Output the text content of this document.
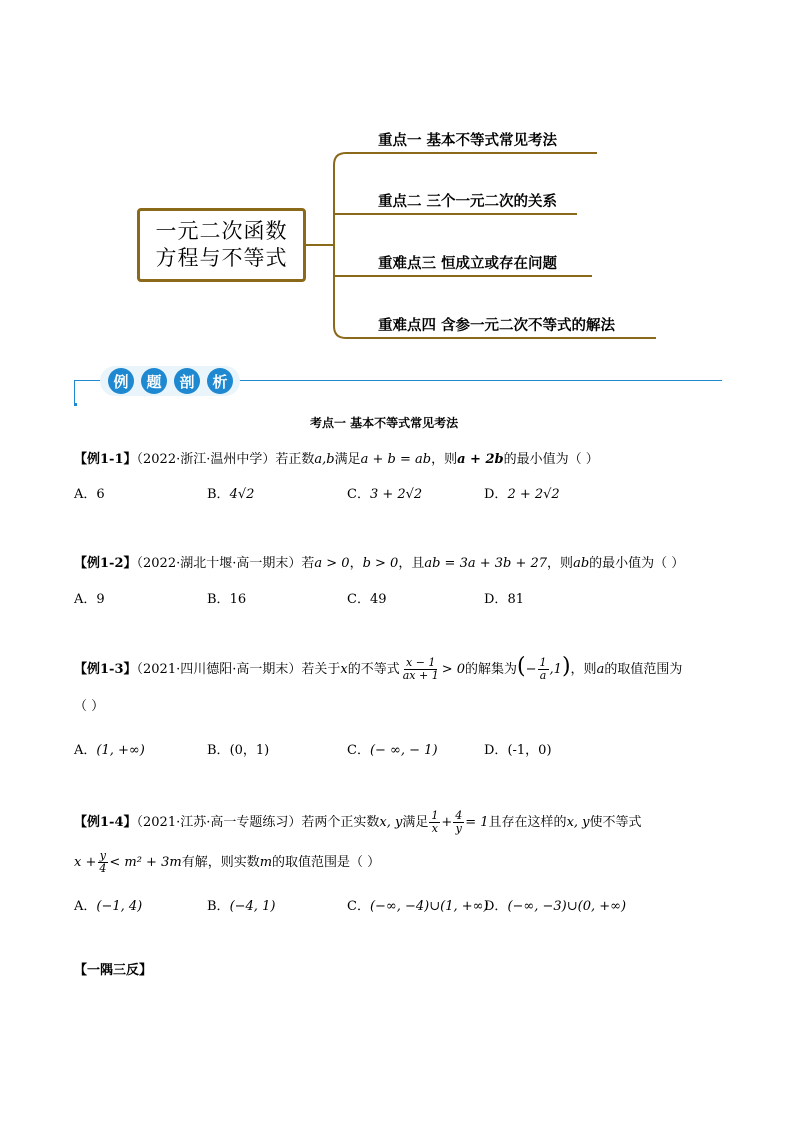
一元二次函数
方程与不等式
重点一 基本不等式常见考法
重点二 三个一元二次的关系
重难点三 恒成立或存在问题
重难点四 含参一元二次不等式的解法
例	题	剖	析
考点一 基本不等式常见考法
【例1-1】（2022·浙江·温州中学）若正数a,b满足a + b = ab，则a + 2b的最小值为（ ）
A．6	B．4√2	C．3 + 2√2	D．2 + 2√2
【例1-2】（2022·湖北十堰·高一期末）若a > 0，b > 0，且ab = 3a + 3b + 27，则ab的最小值为（ ）
A．9	B．16	C．49	D．81
【例1-3】（2021·四川德阳·高一期末）若关于x的不等式 $\frac{x - 1}{ax + 1} > 0$的解集为(− $\frac{1}{a} ,1$)，则a的取值范围为
（ ）
A．(1, +∞)	B．(0，1)	C．(− ∞, − 1)	D．(-1，0)
【例1-4】（2021·江苏·高一专题练习）若两个正实数x, y满足 $\frac{1}{x} + \frac{4}{y} = 1$且存在这样的x, y使不等式
$x + \frac{y}{4} < m^2 + 3m$有解，则实数m的取值范围是（ ）
A．(−1, 4)	B．(−4, 1)	C．(−∞, −4)∪(1, +∞)
D．(−∞, −3)∪(0, +∞)
【一隅三反】
